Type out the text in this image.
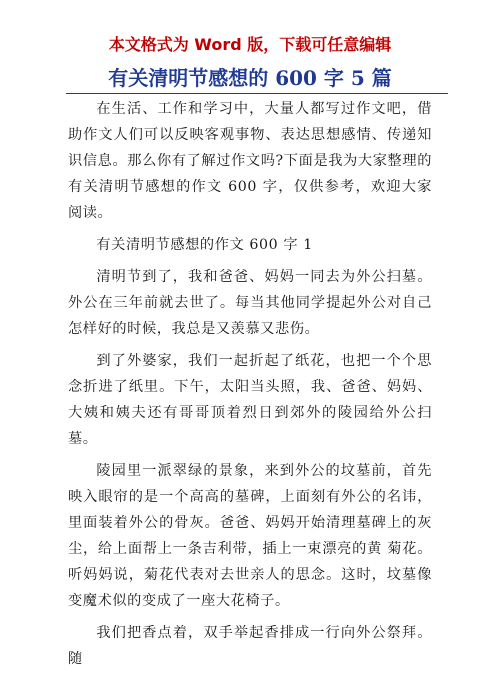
本文格式为 Word 版，下载可任意编辑
有关清明节感想的 600 字 5 篇

在生活、工作和学习中，大量人都写过作文吧，借助作文人们可以反映客观事物、表达思想感情、传递知识信息。那么你有了解过作文吗?下面是我为大家整理的有关清明节感想的作文 600 字，仅供参考，欢迎大家阅读。

有关清明节感想的作文 600 字 1

清明节到了，我和爸爸、妈妈一同去为外公扫墓。外公在三年前就去世了。每当其他同学提起外公对自己怎样好的时候，我总是又羡慕又悲伤。

到了外婆家，我们一起折起了纸花，也把一个个思念折进了纸里。下午，太阳当头照，我、爸爸、妈妈、大姨和姨夫还有哥哥顶着烈日到郊外的陵园给外公扫墓。

陵园里一派翠绿的景象，来到外公的坟墓前，首先映入眼帘的是一个高高的墓碑，上面刻有外公的名讳，里面装着外公的骨灰。爸爸、妈妈开始清理墓碑上的灰尘，给上面帮上一条吉利带，插上一束漂亮的黄 菊花。听妈妈说，菊花代表对去世亲人的思念。这时，坟墓像变魔术似的变成了一座大花椅子。

我们把香点着，双手举起香排成一行向外公祭拜。随
